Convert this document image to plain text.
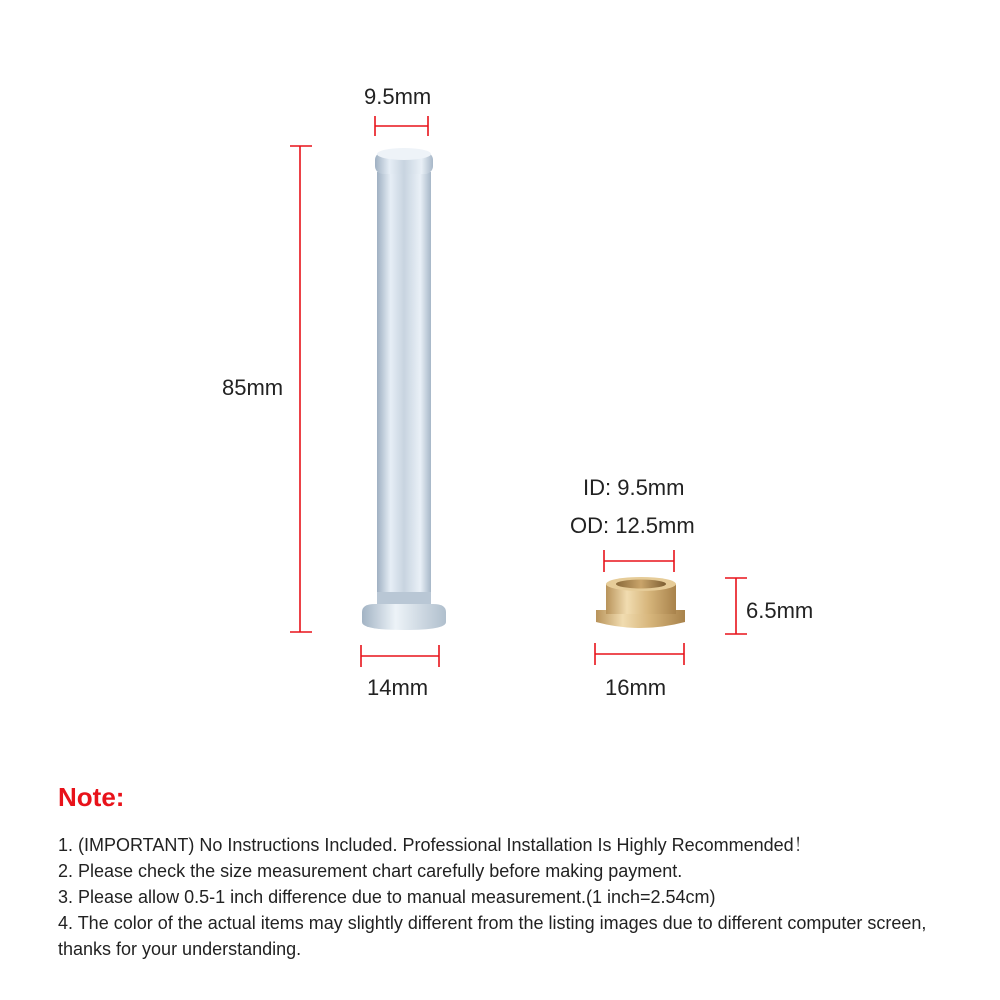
9.5mm
85mm
14mm
ID: 9.5mm
OD: 12.5mm
6.5mm
16mm
Note:

1. (IMPORTANT) No Instructions Included. Professional Installation Is Highly Recommended！

2. Please check the size measurement chart carefully before making payment.

3. Please allow 0.5-1 inch difference due to manual measurement.(1 inch=2.54cm)

4. The color of the actual items may slightly different from the listing images due to different computer screen, thanks for your understanding.
